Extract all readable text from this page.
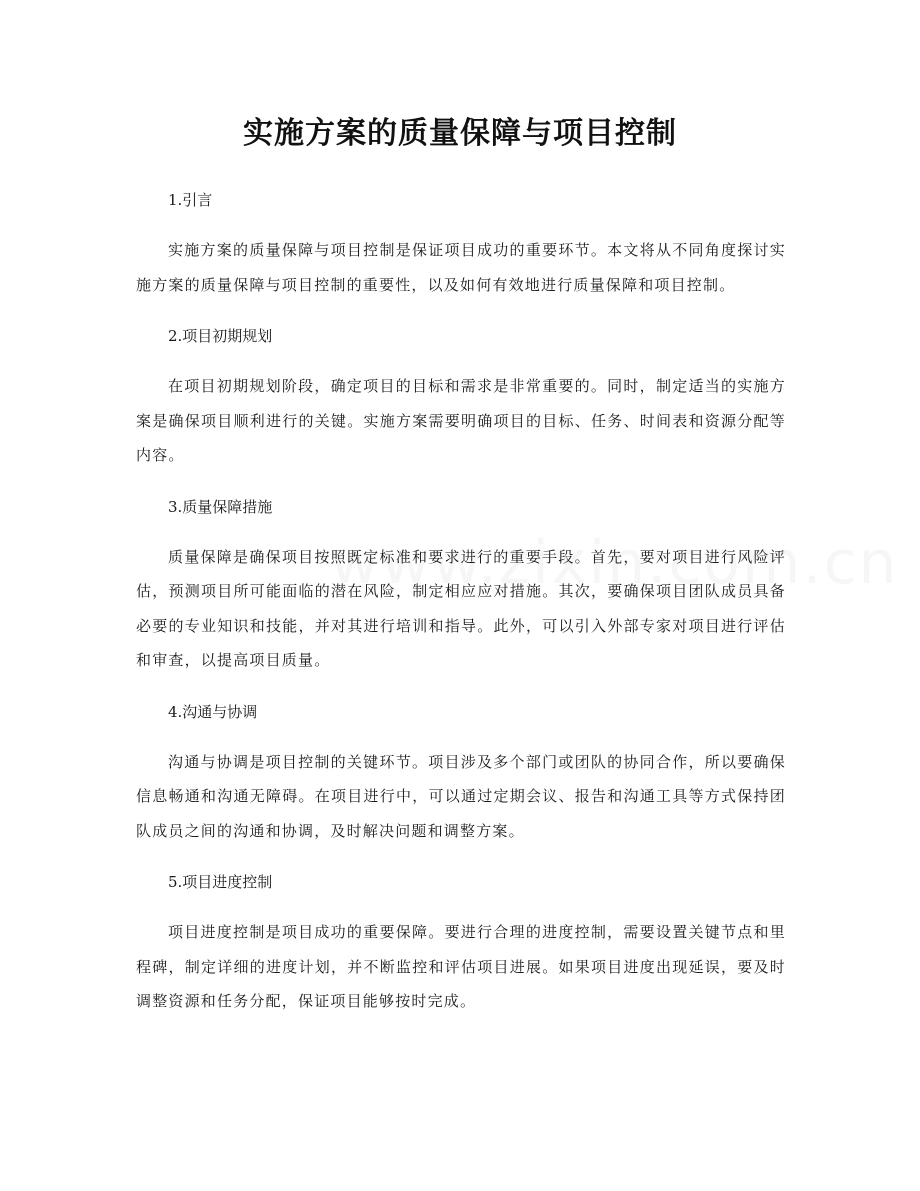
实施方案的质量保障与项目控制
1.引言
实施方案的质量保障与项目控制是保证项目成功的重要环节。本文将从不同角度探讨实施方案的质量保障与项目控制的重要性，以及如何有效地进行质量保障和项目控制。
2.项目初期规划
在项目初期规划阶段，确定项目的目标和需求是非常重要的。同时，制定适当的实施方案是确保项目顺利进行的关键。实施方案需要明确项目的目标、任务、时间表和资源分配等内容。
3.质量保障措施
质量保障是确保项目按照既定标准和要求进行的重要手段。首先，要对项目进行风险评估，预测项目所可能面临的潜在风险，制定相应应对措施。其次，要确保项目团队成员具备必要的专业知识和技能，并对其进行培训和指导。此外，可以引入外部专家对项目进行评估和审查，以提高项目质量。
4.沟通与协调
沟通与协调是项目控制的关键环节。项目涉及多个部门或团队的协同合作，所以要确保信息畅通和沟通无障碍。在项目进行中，可以通过定期会议、报告和沟通工具等方式保持团队成员之间的沟通和协调，及时解决问题和调整方案。
5.项目进度控制
项目进度控制是项目成功的重要保障。要进行合理的进度控制，需要设置关键节点和里程碑，制定详细的进度计划，并不断监控和评估项目进展。如果项目进度出现延误，要及时调整资源和任务分配，保证项目能够按时完成。
